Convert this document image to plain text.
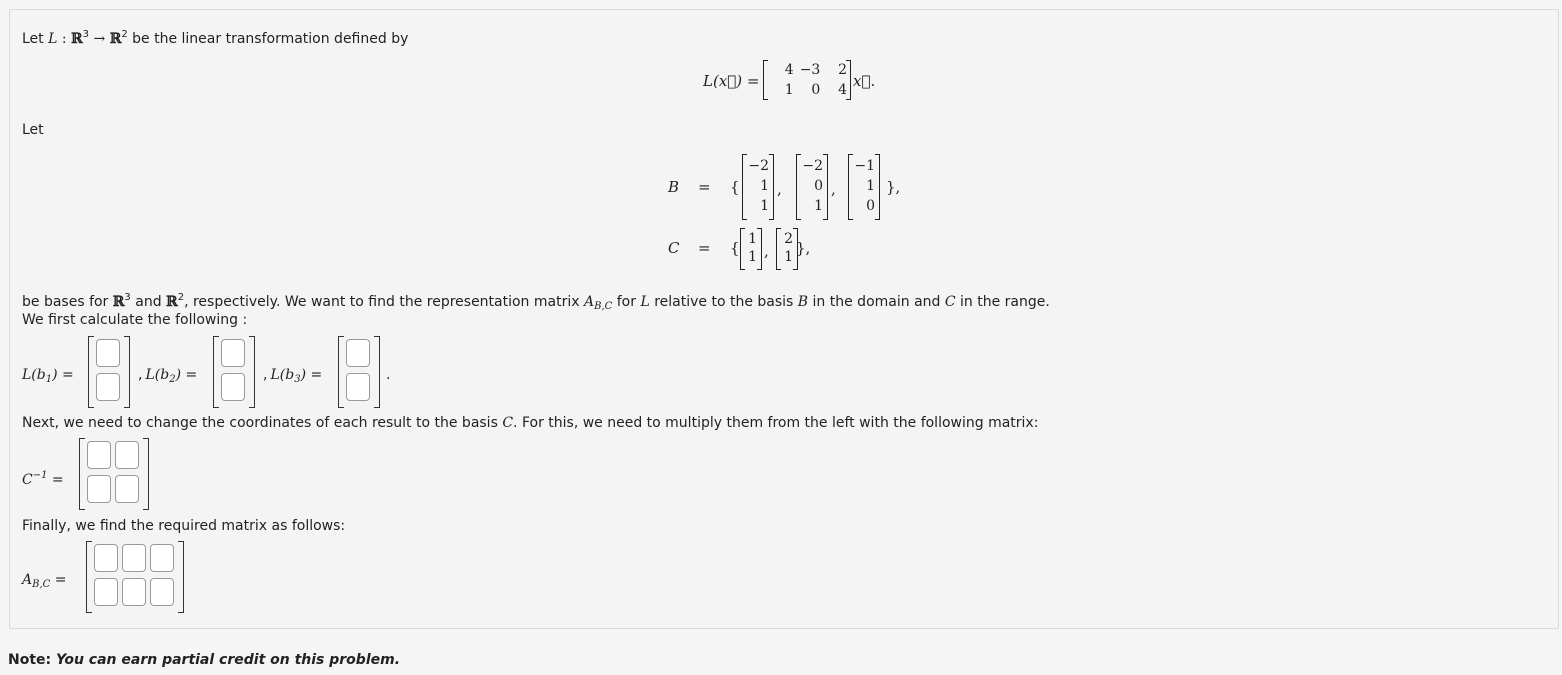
Let L : ℝ$^3$ → ℝ$^2$ be the linear transformation defined by
L(x⃗) =
4 −3 2
1 0 4 x⃗.
Let
B = {
−2
1
1
,
−2
0
1
,
−1
1
0
},
C = { 1
1 ,
2
1 },
be bases for ℝ$^3$ and ℝ$^2$, respectively. We want to find the representation matrix $A_{B,C}$ for L relative to the basis B in the domain and C in the range.
We first calculate the following :
$L(b_1)$ =	, $L(b_2)$ =	, $L(b_3)$ =	.
Next, we need to change the coordinates of each result to the basis C. For this, we need to multiply them from the left with the following matrix:
$C^{-1}$ =
Finally, we find the required matrix as follows:
$A_{B,C}$ =
Note: You can earn partial credit on this problem.
